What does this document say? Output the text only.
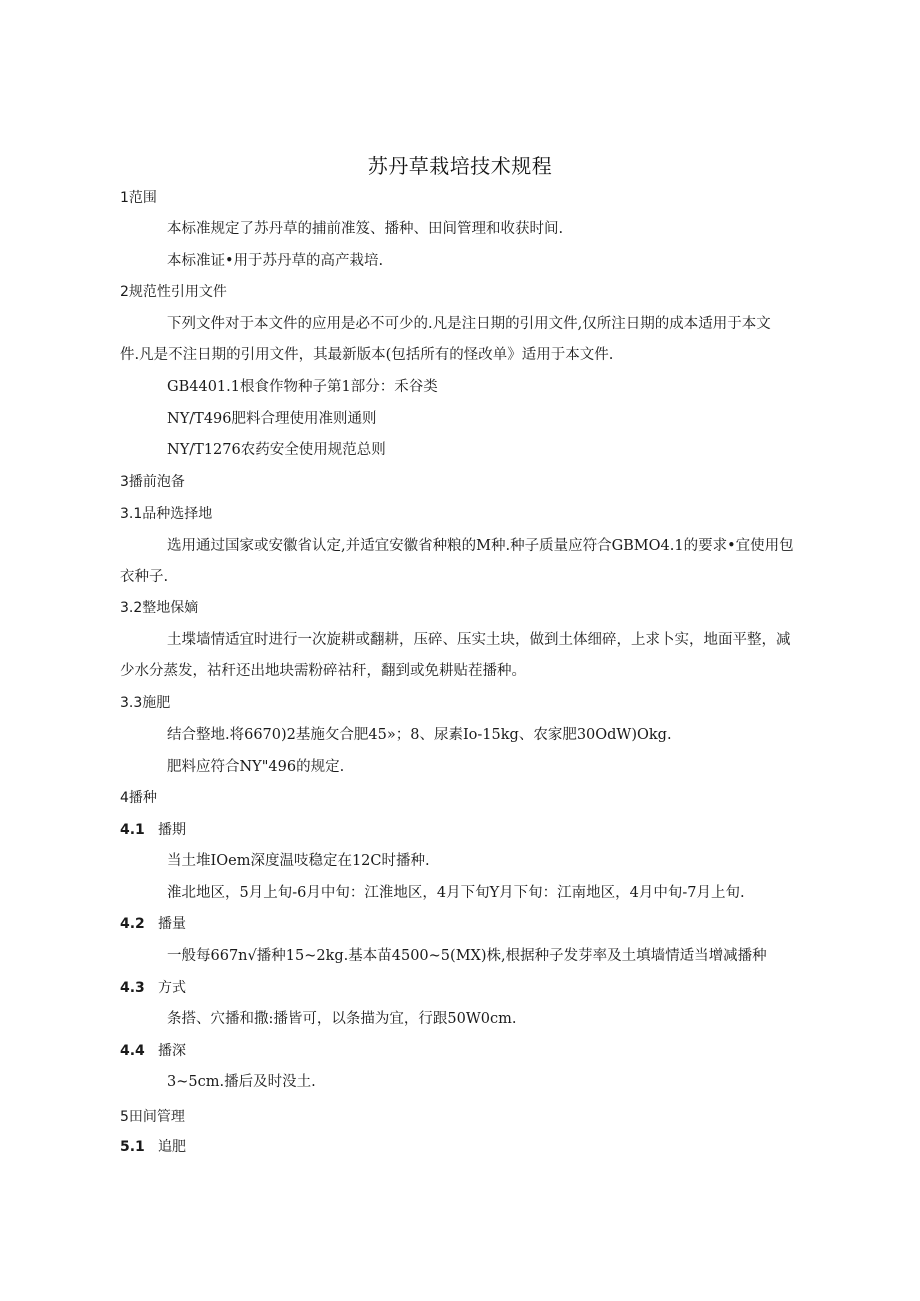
苏丹草栽培技术规程
1范围
本标准规定了苏丹草的捕前准笈、播种、田间管理和收获时间.
本标准证•用于苏丹草的高产栽培.
2规范性引用文件
下列文件对于本文件的应用是必不可少的.凡是注日期的引用文件,仅所注日期的成本适用于本文
件.凡是不注日期的引用文件，其最新版本(包括所有的怪改单》适用于本文件.
GB4401.1根食作物种子第1部分：禾谷类
NY/T496肥料合理使用准则通则
NY/T1276农药安全使用规范总则
3播前泡备
3.1品种选择地
选用通过国家或安徽省认定,并适宜安徽省种粮的M种.种子质量应符合GBMO4.1的要求•宜使用包
衣种子.
3.2整地保嫡
土堞墙情适宜时进行一次旋耕或翻耕，压碎、压实土块，做到土体细碎，上求卜实，地面平整，减
少水分蒸发，祜秆还出地块需粉碎祜秆，翻到或免耕贴茬播种。
3.3施肥
结合整地.将6670)2基施攵合肥45»；8、尿素Io-15kg、农家肥30OdW)Okg.
肥料应符合NY"496的规定.
4播种
4.1 播期
当土堆IOem深度温吱稳定在12C时播种.
淮北地区，5月上旬-6月中旬：江淮地区，4月下旬Y月下旬：江南地区，4月中旬-7月上旬.
4.2 播量
一般每667n√播种15~2kg.基本苗4500~5(MX)株,根据种子发芽率及土填墙情适当增减播种
4.3 方式
条搭、穴播和撒:播皆可，以条描为宜，行跟50W0cm.
4.4 播深
3~5cm.播后及时没土.
5田间管理
5.1 追肥
